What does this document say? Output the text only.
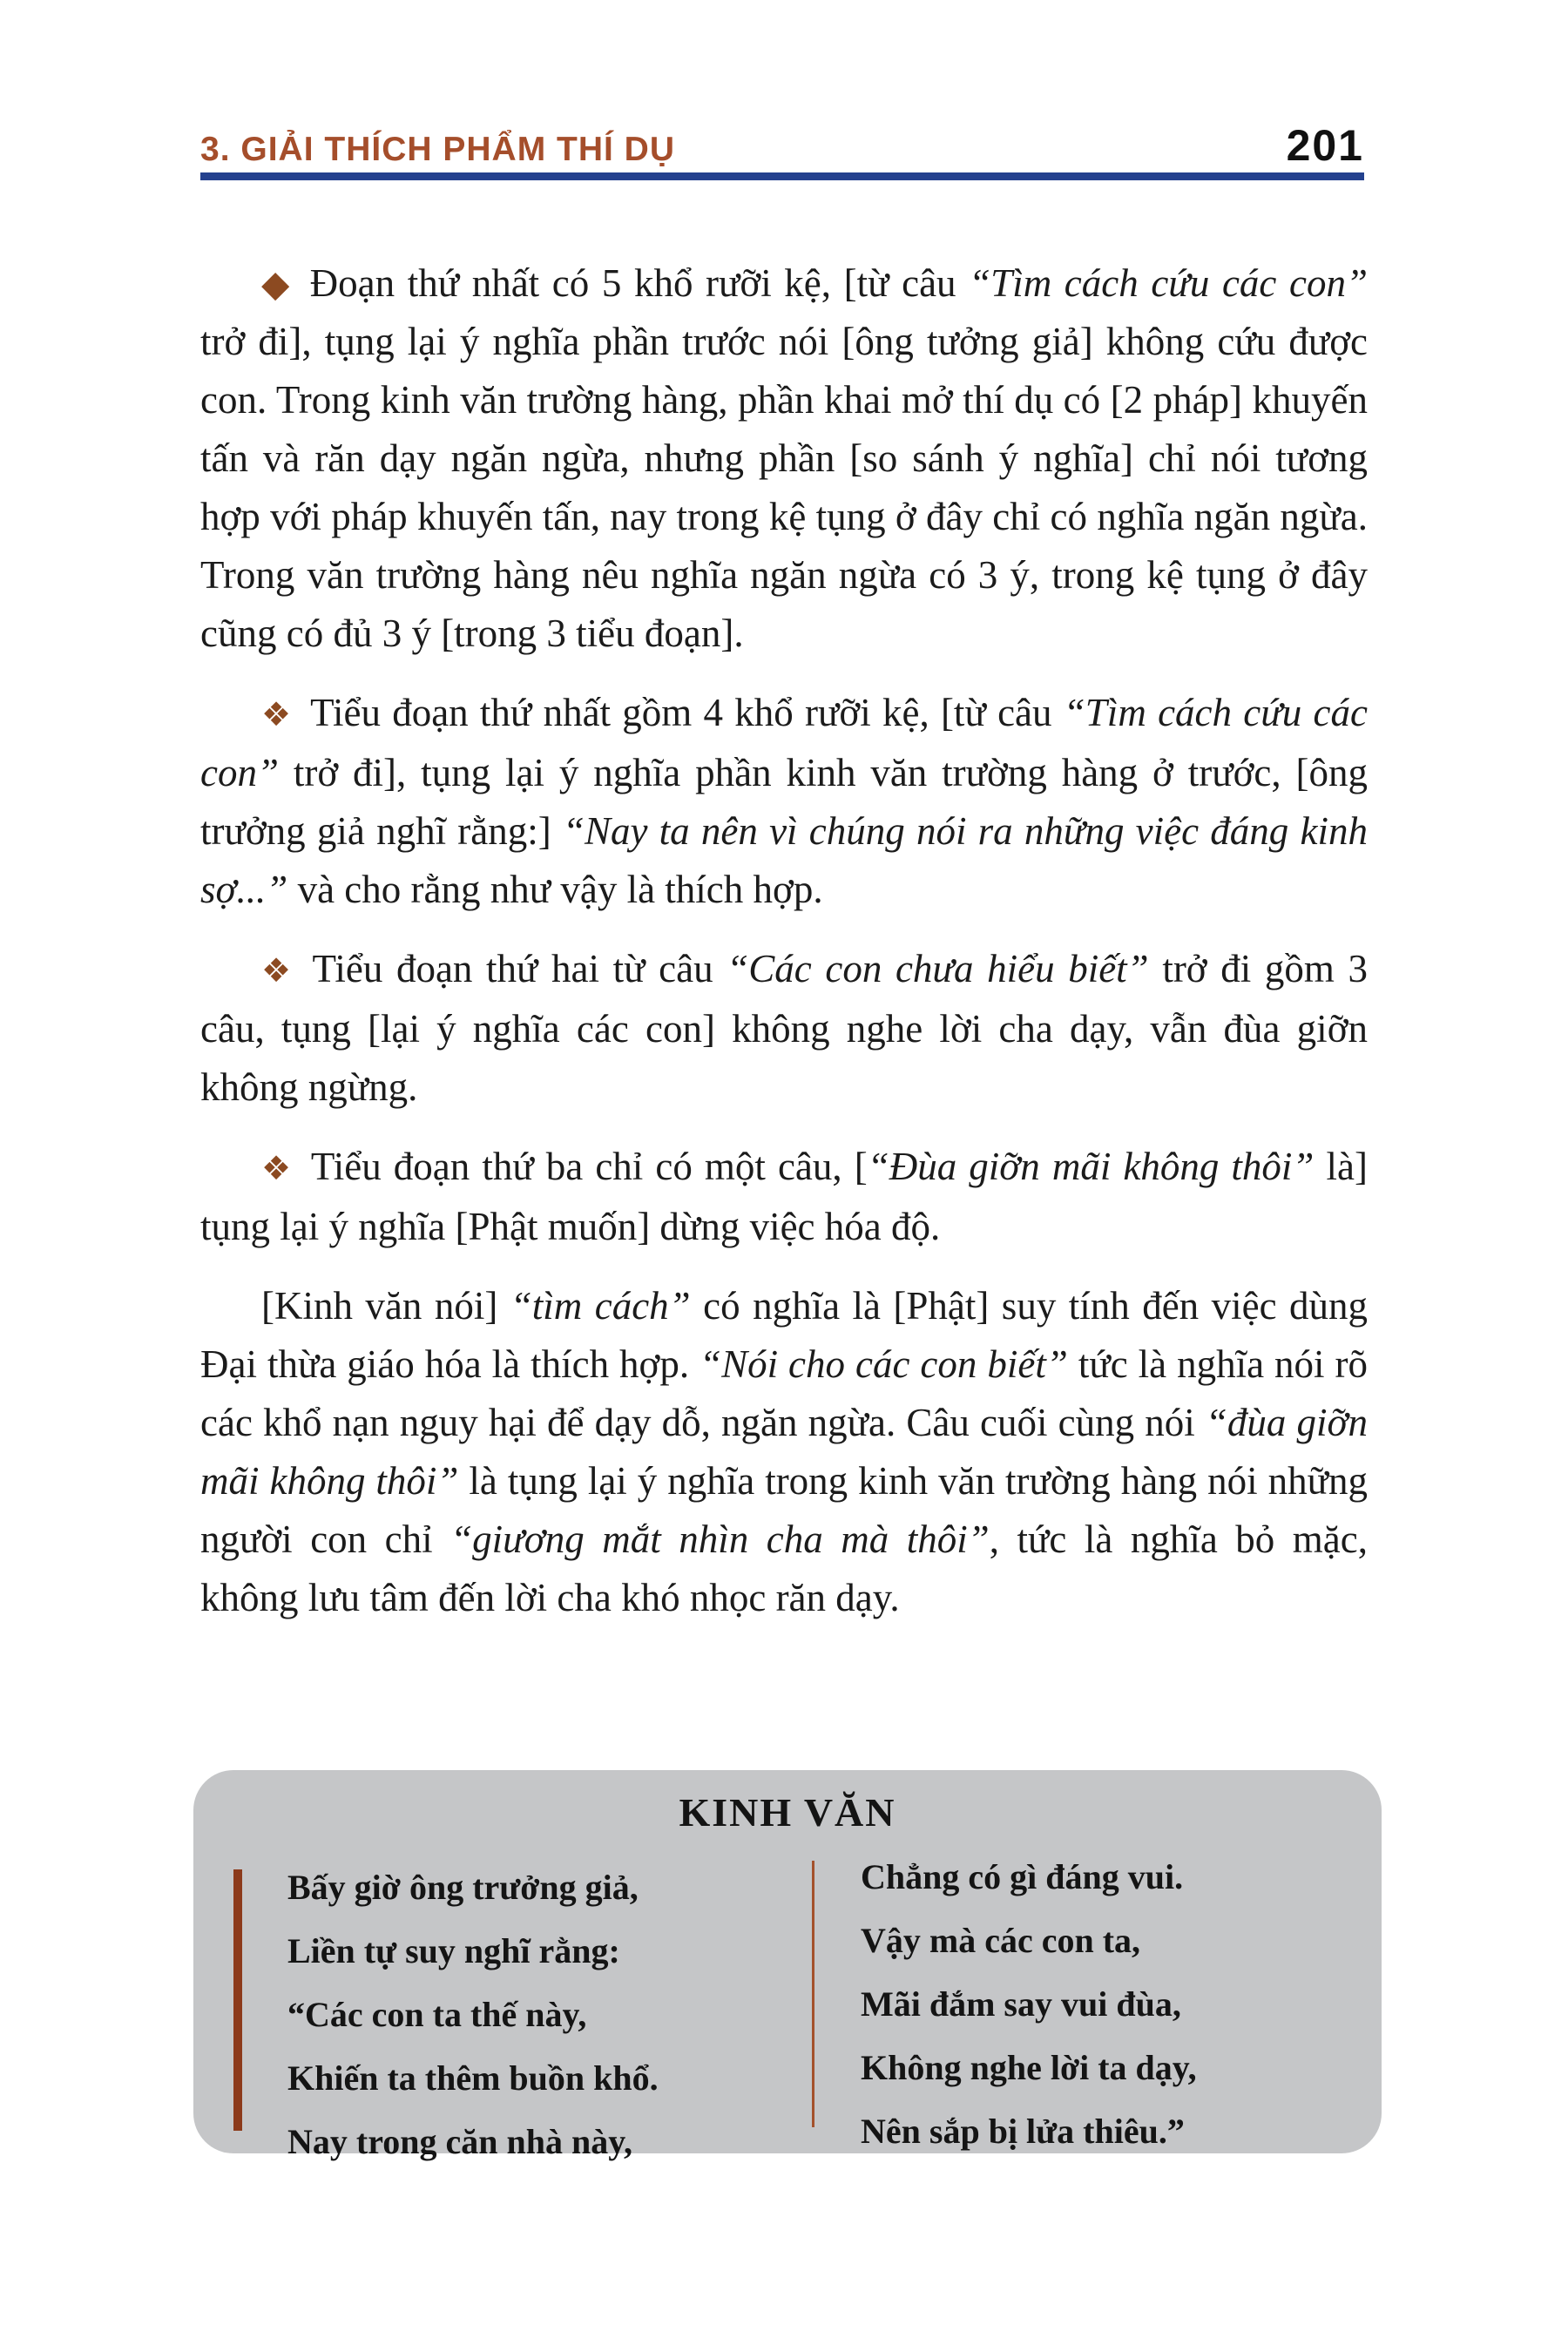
3. GIẢI THÍCH PHẨM THÍ DỤ	201

◆ Đoạn thứ nhất có 5 khổ rưỡi kệ, [từ câu “Tìm cách cứu các con” trở đi], tụng lại ý nghĩa phần trước nói [ông tưởng giả] không cứu được con. Trong kinh văn trường hàng, phần khai mở thí dụ có [2 pháp] khuyến tấn và răn dạy ngăn ngừa, nhưng phần [so sánh ý nghĩa] chỉ nói tương hợp với pháp khuyến tấn, nay trong kệ tụng ở đây chỉ có nghĩa ngăn ngừa. Trong văn trường hàng nêu nghĩa ngăn ngừa có 3 ý, trong kệ tụng ở đây cũng có đủ 3 ý [trong 3 tiểu đoạn].

❖ Tiểu đoạn thứ nhất gồm 4 khổ rưỡi kệ, [từ câu “Tìm cách cứu các con” trở đi], tụng lại ý nghĩa phần kinh văn trường hàng ở trước, [ông trưởng giả nghĩ rằng:] “Nay ta nên vì chúng nói ra những việc đáng kinh sợ...” và cho rằng như vậy là thích hợp.

❖ Tiểu đoạn thứ hai từ câu “Các con chưa hiểu biết” trở đi gồm 3 câu, tụng [lại ý nghĩa các con] không nghe lời cha dạy, vẫn đùa giỡn không ngừng.

❖ Tiểu đoạn thứ ba chỉ có một câu, [“Đùa giỡn mãi không thôi” là] tụng lại ý nghĩa [Phật muốn] dừng việc hóa độ.

[Kinh văn nói] “tìm cách” có nghĩa là [Phật] suy tính đến việc dùng Đại thừa giáo hóa là thích hợp. “Nói cho các con biết” tức là nghĩa nói rõ các khổ nạn nguy hại để dạy dỗ, ngăn ngừa. Câu cuối cùng nói “đùa giỡn mãi không thôi” là tụng lại ý nghĩa trong kinh văn trường hàng nói những người con chỉ “giương mắt nhìn cha mà thôi”, tức là nghĩa bỏ mặc, không lưu tâm đến lời cha khó nhọc răn dạy.

KINH VĂN
Bấy giờ ông trưởng giả,
Liền tự suy nghĩ rằng:
“Các con ta thế này,
Khiến ta thêm buồn khổ.
Nay trong căn nhà này,
Chẳng có gì đáng vui.
Vậy mà các con ta,
Mãi đắm say vui đùa,
Không nghe lời ta dạy,
Nên sắp bị lửa thiêu.”
